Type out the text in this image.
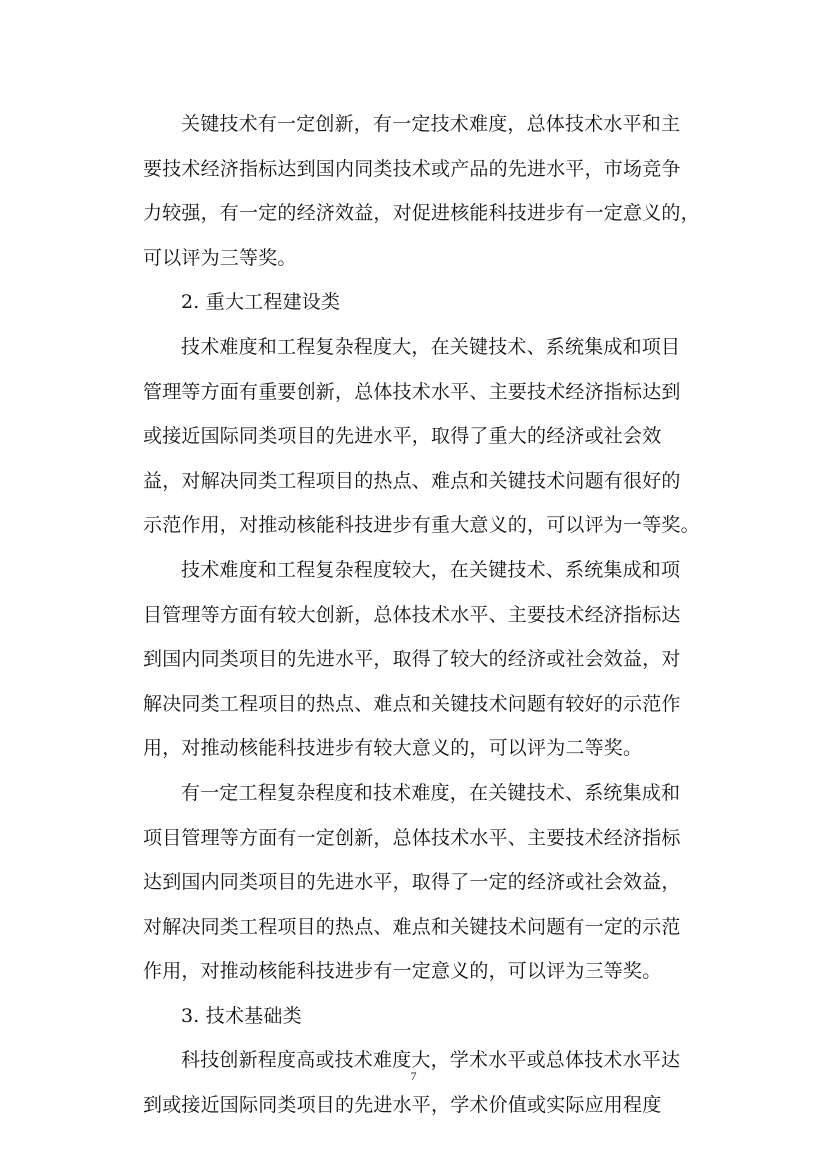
关键技术有一定创新，有一定技术难度，总体技术水平和主
要技术经济指标达到国内同类技术或产品的先进水平，市场竞争
力较强，有一定的经济效益，对促进核能科技进步有一定意义的，
可以评为三等奖。
2. 重大工程建设类
技术难度和工程复杂程度大，在关键技术、系统集成和项目
管理等方面有重要创新，总体技术水平、主要技术经济指标达到
或接近国际同类项目的先进水平，取得了重大的经济或社会效
益，对解决同类工程项目的热点、难点和关键技术问题有很好的
示范作用，对推动核能科技进步有重大意义的，可以评为一等奖。
技术难度和工程复杂程度较大，在关键技术、系统集成和项
目管理等方面有较大创新，总体技术水平、主要技术经济指标达
到国内同类项目的先进水平，取得了较大的经济或社会效益，对
解决同类工程项目的热点、难点和关键技术问题有较好的示范作
用，对推动核能科技进步有较大意义的，可以评为二等奖。
有一定工程复杂程度和技术难度，在关键技术、系统集成和
项目管理等方面有一定创新，总体技术水平、主要技术经济指标
达到国内同类项目的先进水平，取得了一定的经济或社会效益，
对解决同类工程项目的热点、难点和关键技术问题有一定的示范
作用，对推动核能科技进步有一定意义的，可以评为三等奖。
3. 技术基础类
科技创新程度高或技术难度大，学术水平或总体技术水平达
到或接近国际同类项目的先进水平，学术价值或实际应用程度
7
